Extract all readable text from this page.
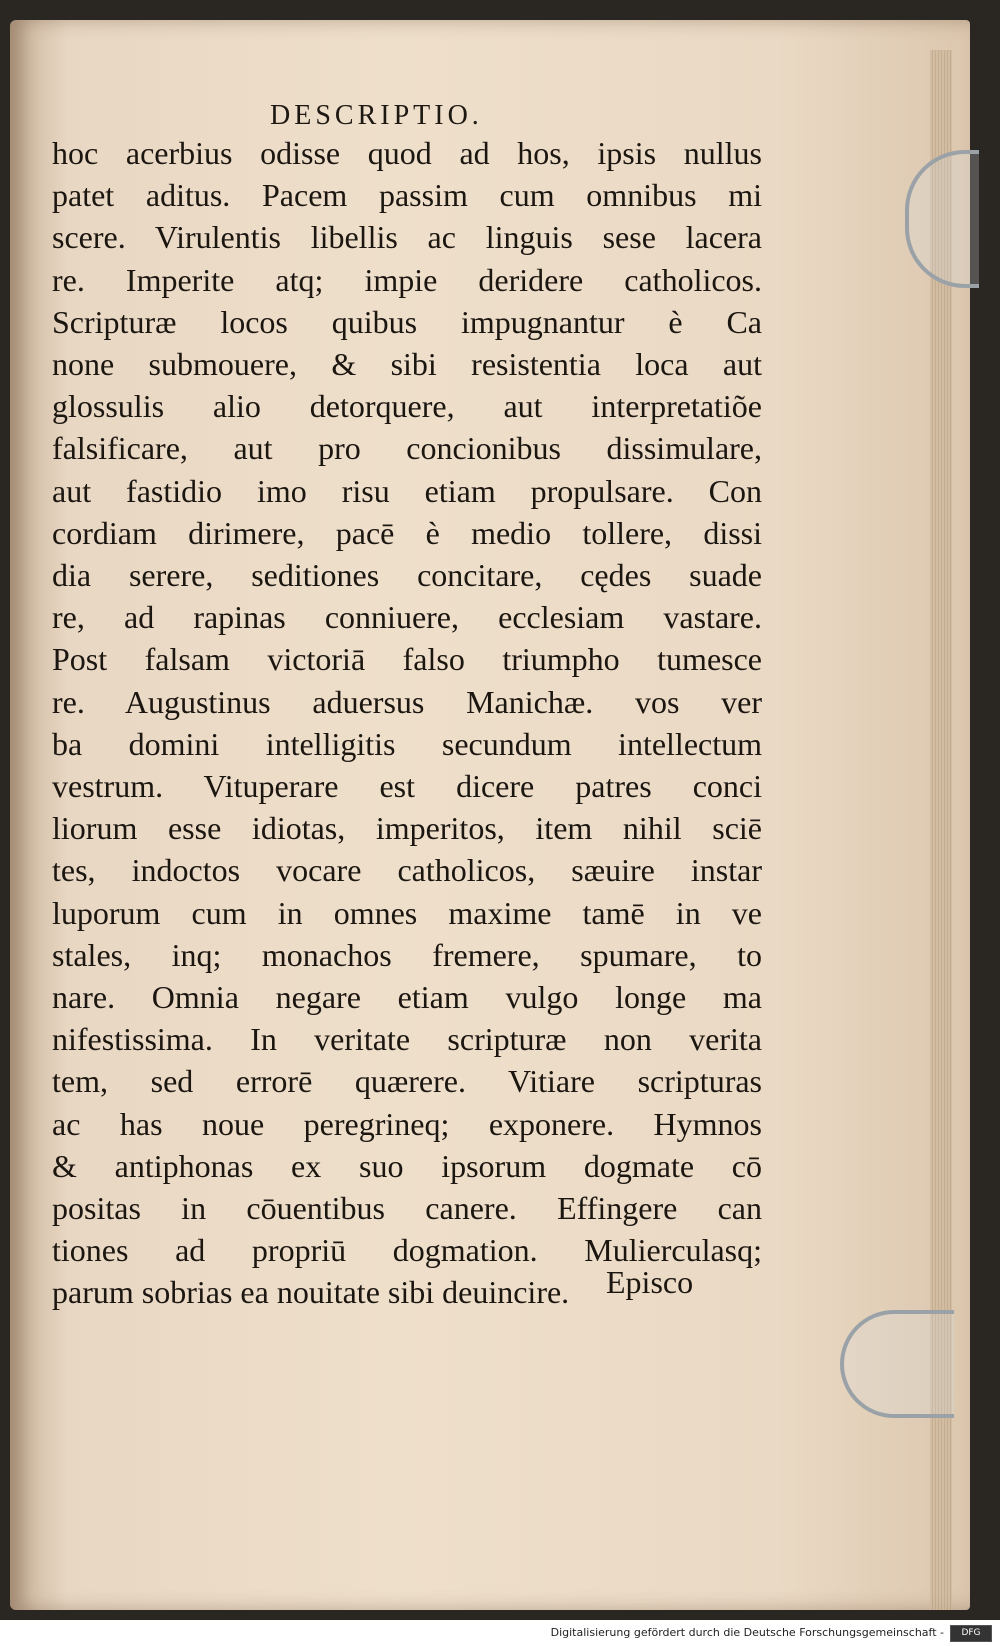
DESCRIPTIO.
hoc acerbius odisse quod ad hos, ipsis nullus
patet aditus. Pacem passim cum omnibus mi
scere. Virulentis libellis ac linguis sese lacera
re. Imperite atq; impie deridere catholicos.
Scripturæ locos quibus impugnantur è Ca
none submouere, & sibi resistentia loca aut
glossulis alio detorquere, aut interpretatiõe
falsificare, aut pro concionibus dissimulare,
aut fastidio imo risu etiam propulsare. Con
cordiam dirimere, pacē è medio tollere, dissi
dia serere, seditiones concitare, cędes suade
re, ad rapinas conniuere, ecclesiam vastare.
Post falsam victoriā falso triumpho tumesce
re. Augustinus aduersus Manichæ. vos ver
ba domini intelligitis secundum intellectum
vestrum. Vituperare est dicere patres conci
liorum esse idiotas, imperitos, item nihil sciē
tes, indoctos vocare catholicos, sæuire instar
luporum cum in omnes maxime tamē in ve
stales, inq; monachos fremere, spumare, to
nare. Omnia negare etiam vulgo longe ma
nifestissima. In veritate scripturæ non verita
tem, sed errorē quærere. Vitiare scripturas
ac has noue peregrineq; exponere. Hymnos
& antiphonas ex suo ipsorum dogmate cō
positas in cōuentibus canere. Effingere can
tiones ad propriū dogmation. Mulierculasq;
parum sobrias ea nouitate sibi deuincire.	Episco
Digitalisierung gefördert durch die Deutsche Forschungsgemeinschaft -	DFG
